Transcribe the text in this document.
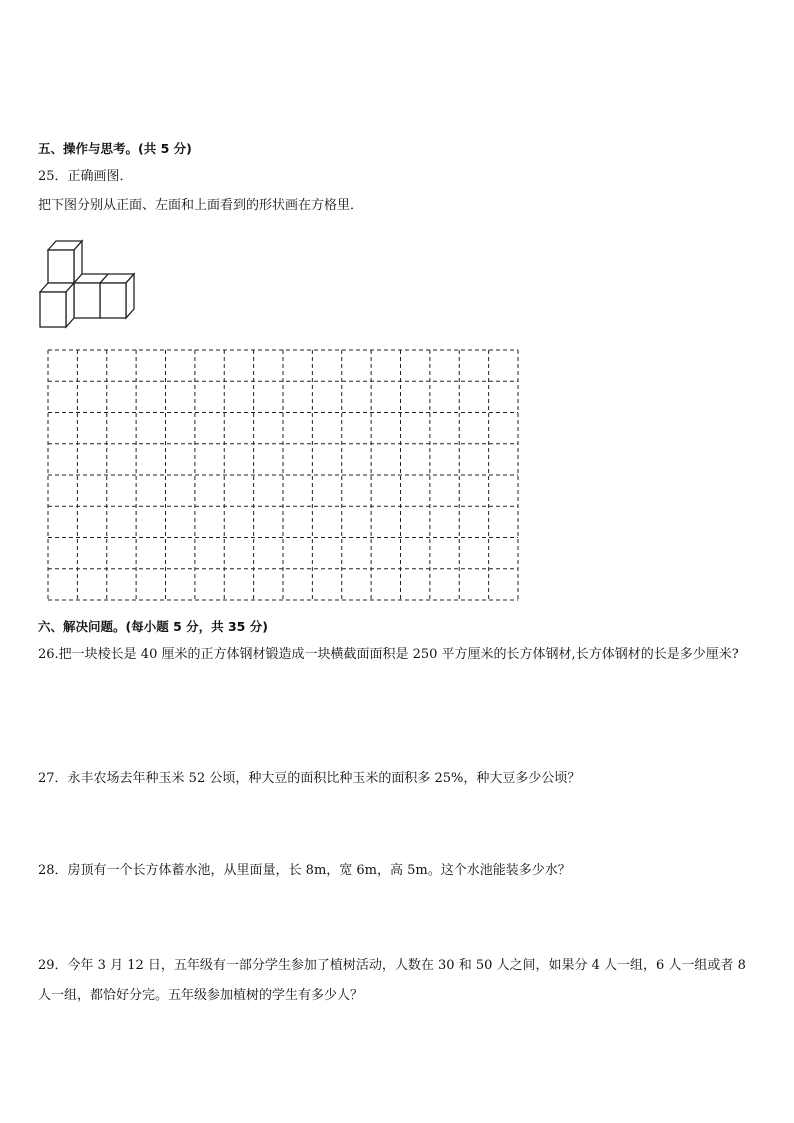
五、操作与思考。(共 5 分)
25．正确画图．
把下图分别从正面、左面和上面看到的形状画在方格里．
六、解决问题。(每小题 5 分，共 35 分)
26.把一块棱长是 40 厘米的正方体钢材锻造成一块横截面面积是 250 平方厘米的长方体钢材,长方体钢材的长是多少厘米?
27．永丰农场去年种玉米 52 公顷，种大豆的面积比种玉米的面积多 25%，种大豆多少公顷？
28．房顶有一个长方体蓄水池，从里面量，长 8m，宽 6m，高 5m。这个水池能装多少水？
29．今年 3 月 12 日，五年级有一部分学生参加了植树活动，人数在 30 和 50 人之间，如果分 4 人一组，6 人一组或者 8 人一组，都恰好分完。五年级参加植树的学生有多少人？
